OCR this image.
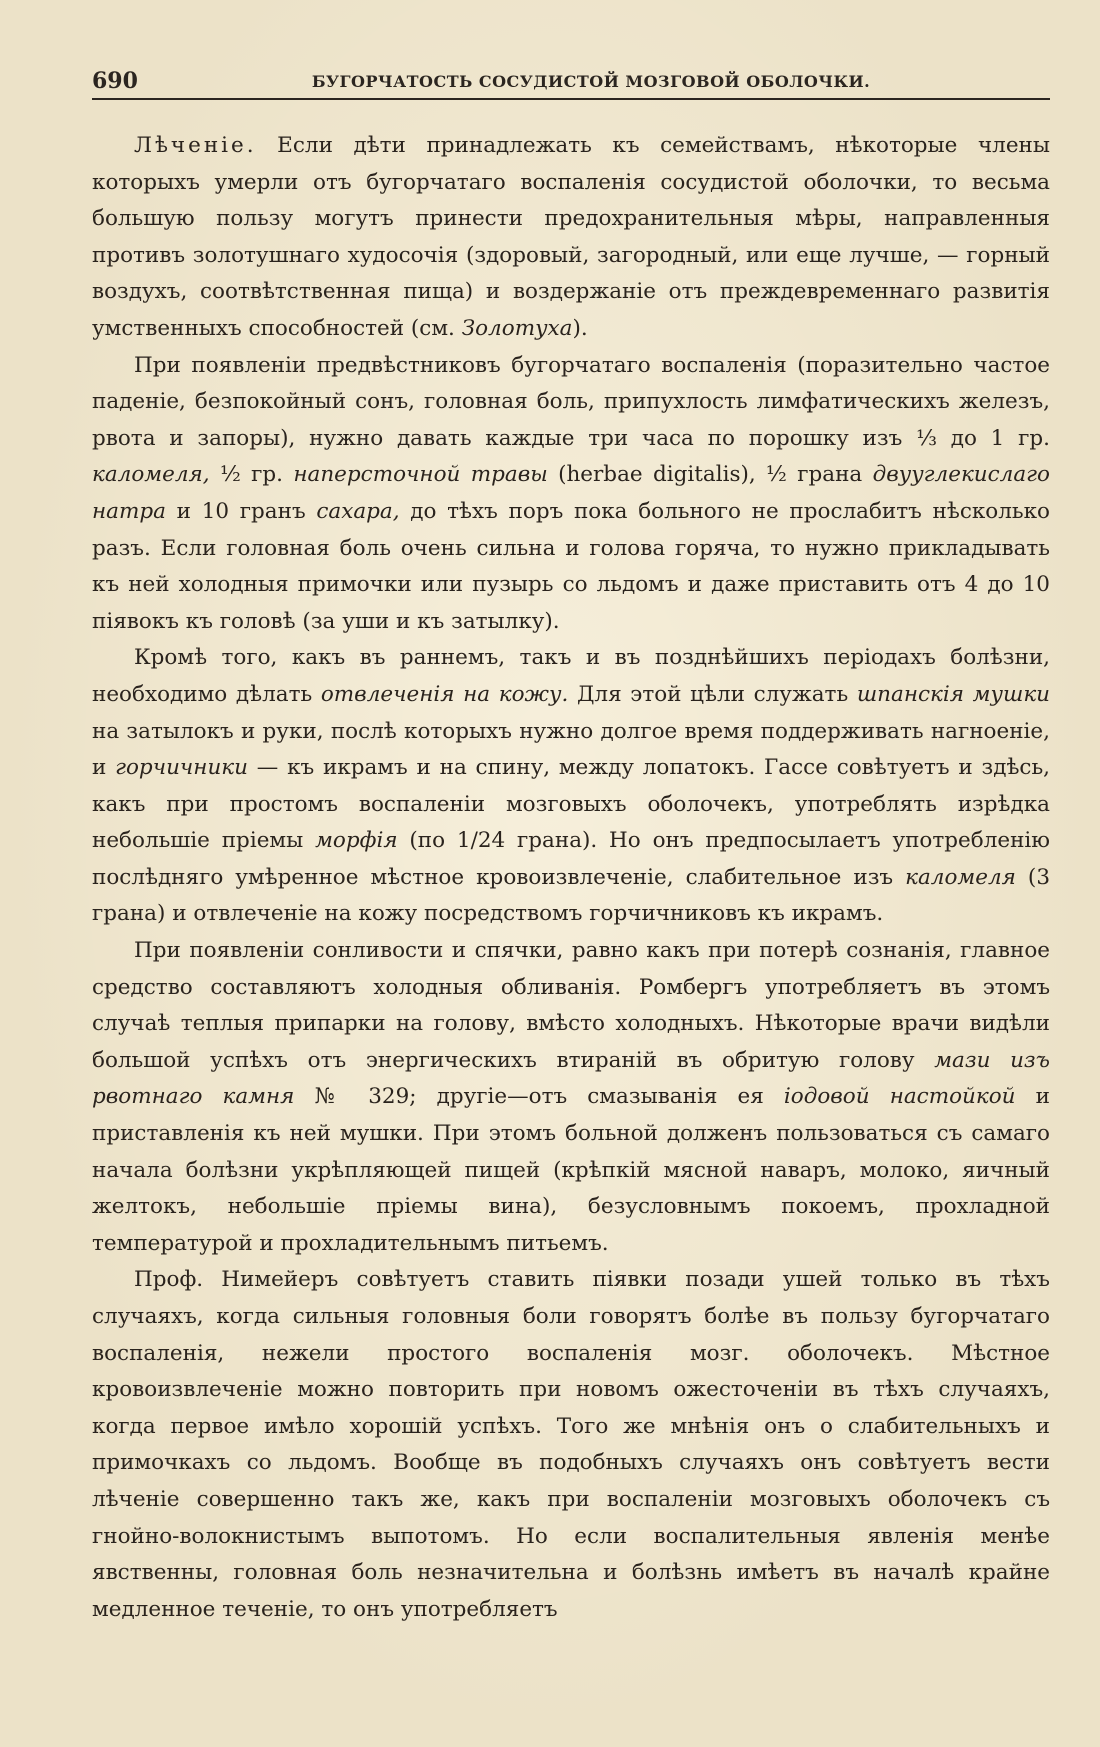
690	БУГОРЧАТОСТЬ СОСУДИСТОЙ МОЗГОВОЙ ОБОЛОЧКИ.

Лѣченіе. Если дѣти принадлежать къ семействамъ, нѣкоторые члены которыхъ умерли отъ бугорчатаго воспаленія сосудистой оболочки, то весьма большую пользу могутъ принести предохранительныя мѣры, направленныя противъ золотушнаго худосочія (здоровый, загородный, или еще лучше, — горный воздухъ, соотвѣтственная пища) и воздержаніе отъ преждевременнаго развитія умственныхъ способностей (см. Золотуха).

При появленіи предвѣстниковъ бугорчатаго воспаленія (поразительно частое паденіе, безпокойный сонъ, головная боль, припухлость лимфатическихъ железъ, рвота и запоры), нужно давать каждые три часа по порошку изъ ⅓ до 1 гр. каломеля, ½ гр. наперсточной травы (herbae digitalis), ½ грана двууглекислаго натра и 10 гранъ сахара, до тѣхъ поръ пока больного не прослабитъ нѣсколько разъ. Если головная боль очень сильна и голова горяча, то нужно прикладывать къ ней холодныя примочки или пузырь со льдомъ и даже приставить отъ 4 до 10 піявокъ къ головѣ (за уши и къ затылку).

Кромѣ того, какъ въ раннемъ, такъ и въ позднѣйшихъ періодахъ болѣзни, необходимо дѣлать отвлеченія на кожу. Для этой цѣли служать шпанскія мушки на затылокъ и руки, послѣ которыхъ нужно долгое время поддерживать нагноеніе, и горчичники — къ икрамъ и на спину, между лопатокъ. Гассе совѣтуетъ и здѣсь, какъ при простомъ воспаленіи мозговыхъ оболочекъ, употреблять изрѣдка небольшіе пріемы морфія (по 1/24 грана). Но онъ предпосылаетъ употребленію послѣдняго умѣренное мѣстное кровоизвлеченіе, слабительное изъ каломеля (3 грана) и отвлеченіе на кожу посредствомъ горчичниковъ къ икрамъ.

При появленіи сонливости и спячки, равно какъ при потерѣ сознанія, главное средство составляютъ холодныя обливанія. Ромбергъ употребляетъ въ этомъ случаѣ теплыя припарки на голову, вмѣсто холодныхъ. Нѣкоторые врачи видѣли большой успѣхъ отъ энергическихъ втираній въ обритую голову мази изъ рвотнаго камня № 329; другіе—отъ смазыванія ея іодовой настойкой и приставленія къ ней мушки. При этомъ больной долженъ пользоваться съ самаго начала болѣзни укрѣпляющей пищей (крѣпкій мясной наваръ, молоко, яичный желтокъ, небольшіе пріемы вина), безусловнымъ покоемъ, прохладной температурой и прохладительнымъ питьемъ.

Проф. Нимейеръ совѣтуетъ ставить піявки позади ушей только въ тѣхъ случаяхъ, когда сильныя головныя боли говорятъ болѣе въ пользу бугорчатаго воспаленія, нежели простого воспаленія мозг. оболочекъ. Мѣстное кровоизвлеченіе можно повторить при новомъ ожесточеніи въ тѣхъ случаяхъ, когда первое имѣло хорошій успѣхъ. Того же мнѣнія онъ о слабительныхъ и примочкахъ со льдомъ. Вообще въ подобныхъ случаяхъ онъ совѣтуетъ вести лѣченіе совершенно такъ же, какъ при воспаленіи мозговыхъ оболочекъ съ гнойно-волокнистымъ выпотомъ. Но если воспалительныя явленія менѣе явственны, головная боль незначительна и болѣзнь имѣетъ въ началѣ крайне медленное теченіе, то онъ употребляетъ
